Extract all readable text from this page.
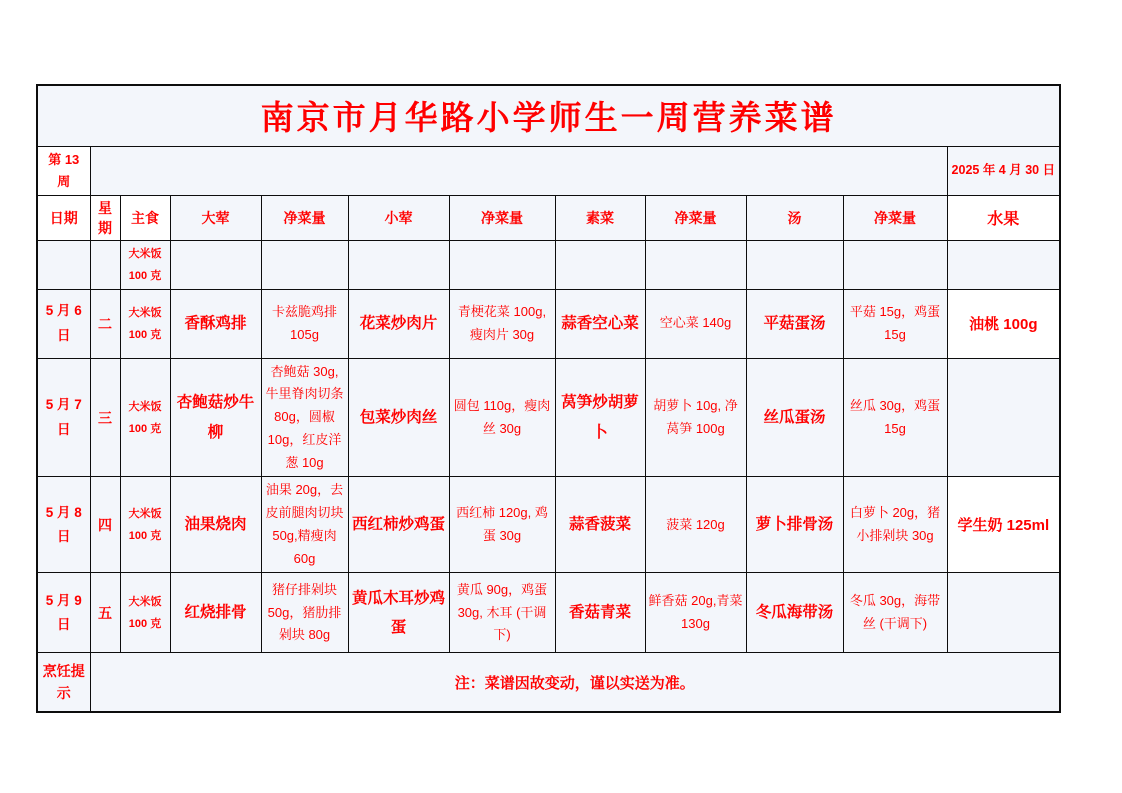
南京市月华路小学师生一周营养菜谱											
第 13 周											2025 年 4 月 30 日
日期	星期	主食	大荤	净菜量	小荤	净菜量	素菜	净菜量	汤	净菜量	水果
		大米饭 100 克									
5 月 6 日	二	大米饭 100 克	香酥鸡排	卡兹脆鸡排 105g	花菜炒肉片	青梗花菜 100g, 瘦肉片 30g	蒜香空心菜	空心菜 140g	平菇蛋汤	平菇 15g，鸡蛋 15g	油桃 100g
5 月 7 日	三	大米饭 100 克	杏鲍菇炒牛柳	杏鲍菇 30g, 牛里脊肉切条 80g，圆椒 10g，红皮洋葱 10g	包菜炒肉丝	圆包 110g，瘦肉丝 30g	莴笋炒胡萝卜	胡萝卜 10g, 净莴笋 100g	丝瓜蛋汤	丝瓜 30g，鸡蛋 15g	
5 月 8 日	四	大米饭 100 克	油果烧肉	油果 20g，去皮前腿肉切块 50g,精瘦肉 60g	西红柿炒鸡蛋	西红柿 120g, 鸡蛋 30g	蒜香菠菜	菠菜 120g	萝卜排骨汤	白萝卜 20g，猪小排剁块 30g	学生奶 125ml
5 月 9 日	五	大米饭 100 克	红烧排骨	猪仔排剁块 50g，猪肋排剁块 80g	黄瓜木耳炒鸡蛋	黄瓜 90g，鸡蛋 30g, 木耳 (干调下)	香菇青菜	鲜香菇 20g,青菜 130g	冬瓜海带汤	冬瓜 30g，海带丝 (干调下)	
烹饪提示	注：菜谱因故变动，谨以实送为准。										
